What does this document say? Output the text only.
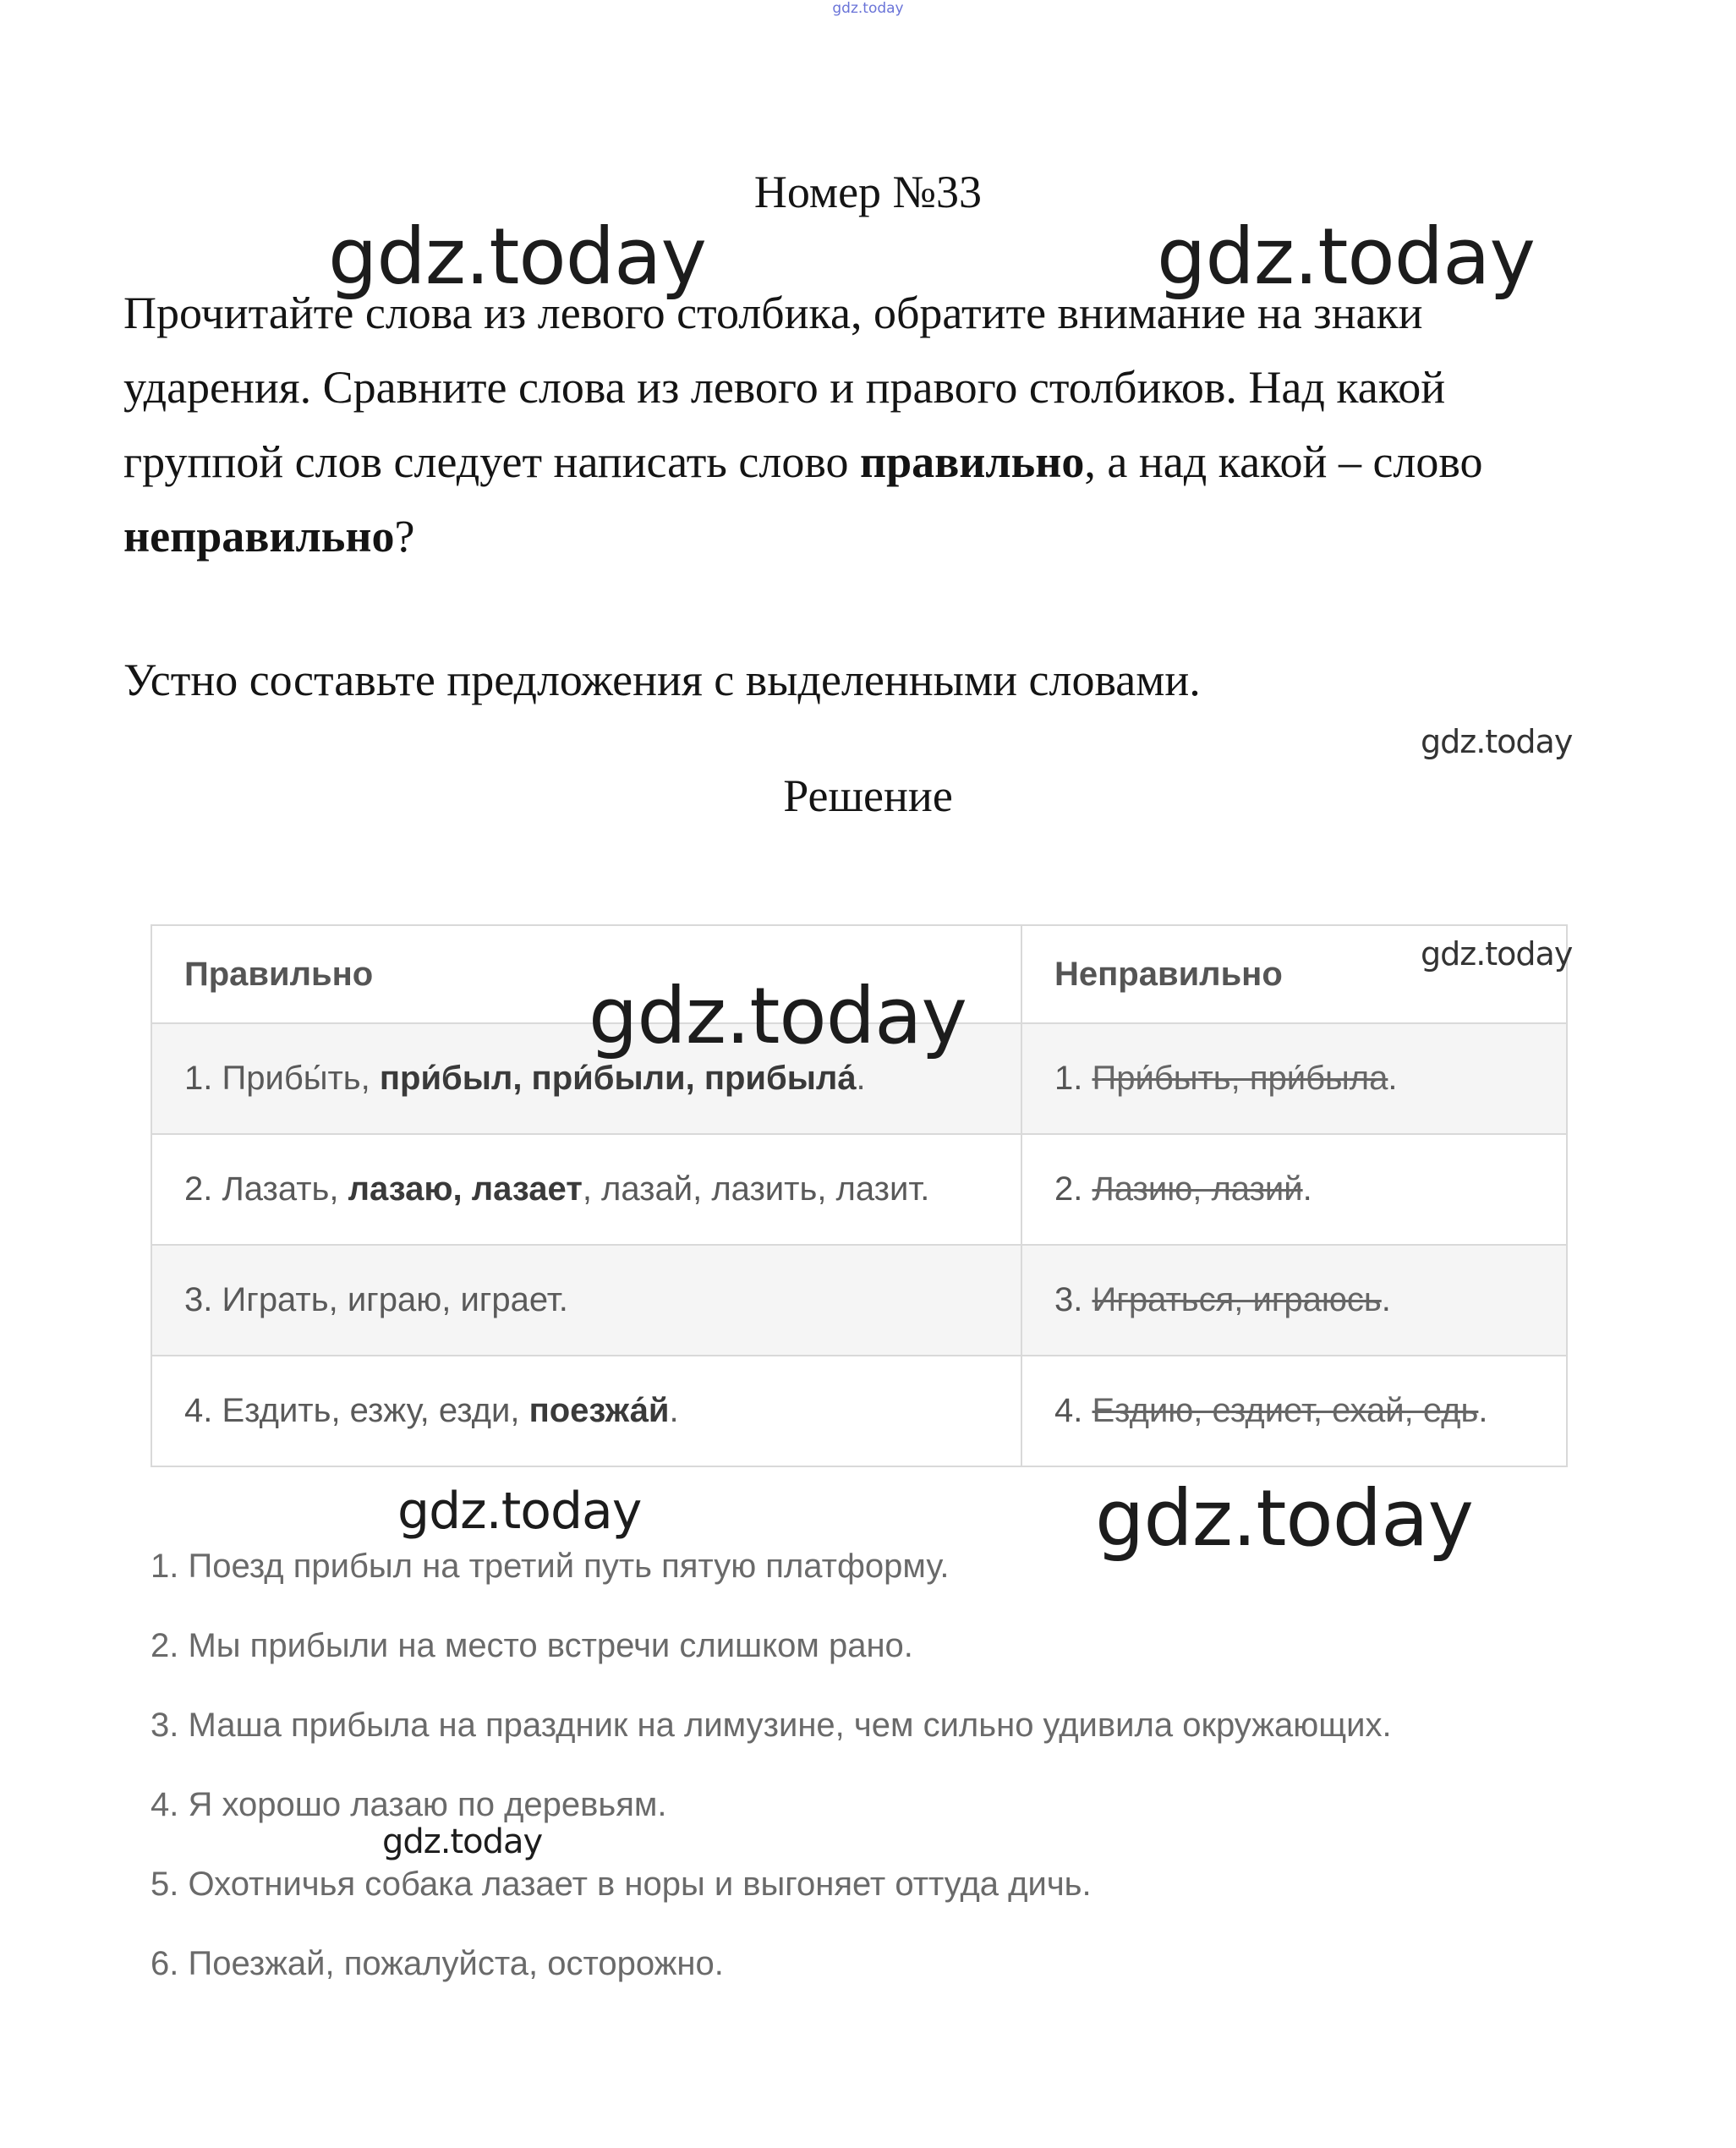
gdz.today
Номер №33
Прочитайте слова из левого столбика, обратите внимание на знаки ударения. Сравните слова из левого и правого столбиков. Над какой группой слов следует написать слово правильно, а над какой – слово неправильно?
Устно составьте предложения с выделенными словами.
Решение
Правильно	Неправильно
1. Прибы́ть, при́был, при́были, прибыла́.	1. При́быть, при́была.
2. Лазать, лазаю, лазает, лазай, лазить, лазит.	2. Лазию, лазий.
3. Играть, играю, играет.	3. Играться, играюсь.
4. Ездить, езжу, езди, поезжа́й.	4. Ездию, ездиет, ехай, едь.
1. Поезд прибыл на третий путь пятую платформу.
2. Мы прибыли на место встречи слишком рано.
3. Маша прибыла на праздник на лимузине, чем сильно удивила окружающих.
4. Я хорошо лазаю по деревьям.
5. Охотничья собака лазает в норы и выгоняет оттуда дичь.
6. Поезжай, пожалуйста, осторожно.
gdz.today	gdz.today
gdz.today
gdz.today
gdz.today
gdz.today	gdz.today
gdz.today
